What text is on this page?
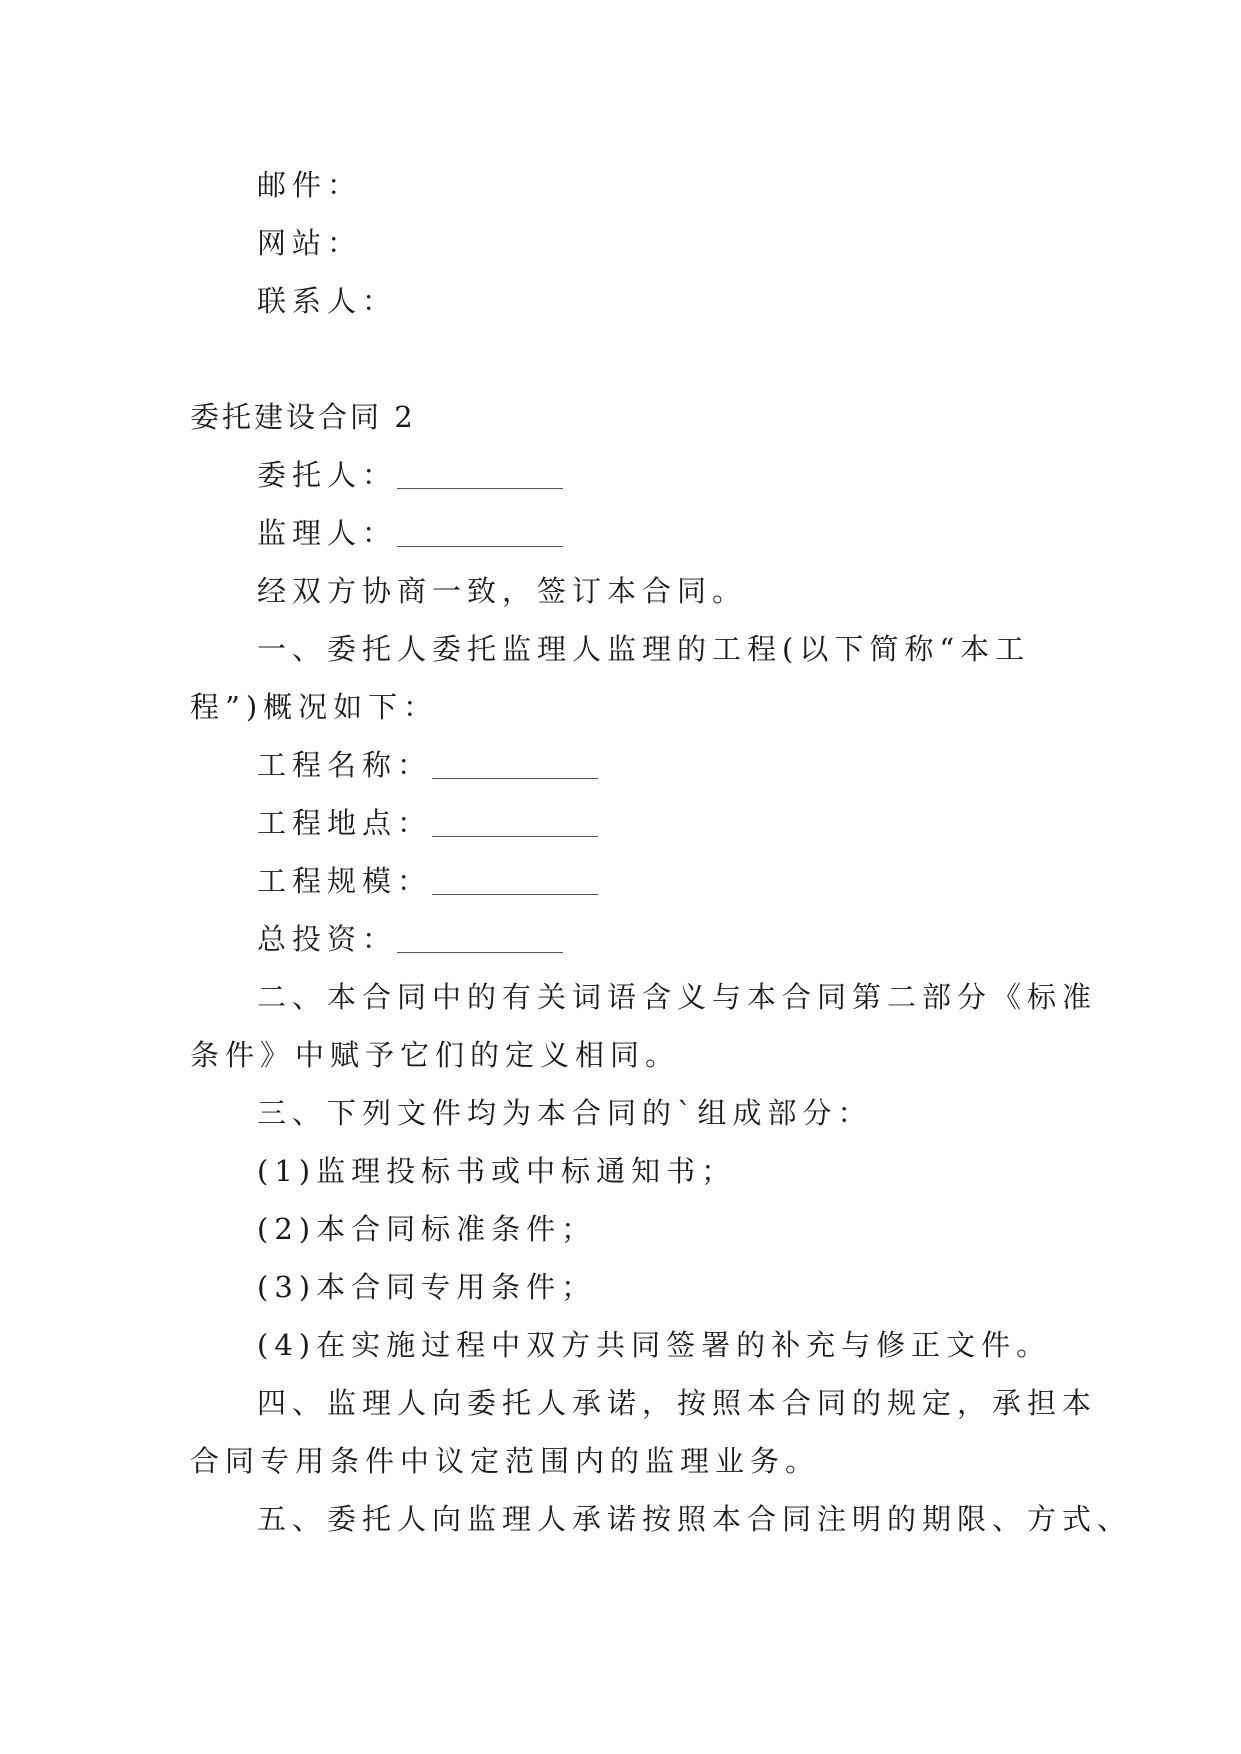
邮件：
网站：
联系人：
委托建设合同 2
委托人：
监理人：
经双方协商一致，签订本合同。
一、委托人委托监理人监理的工程(以下简称“本工
程”)概况如下：
工程名称：
工程地点：
工程规模：
总投资：
二、本合同中的有关词语含义与本合同第二部分《标准
条件》中赋予它们的定义相同。
三、下列文件均为本合同的`组成部分：
(1)监理投标书或中标通知书；
(2)本合同标准条件；
(3)本合同专用条件；
(4)在实施过程中双方共同签署的补充与修正文件。
四、监理人向委托人承诺，按照本合同的规定，承担本
合同专用条件中议定范围内的监理业务。
五、委托人向监理人承诺按照本合同注明的期限、方式、
